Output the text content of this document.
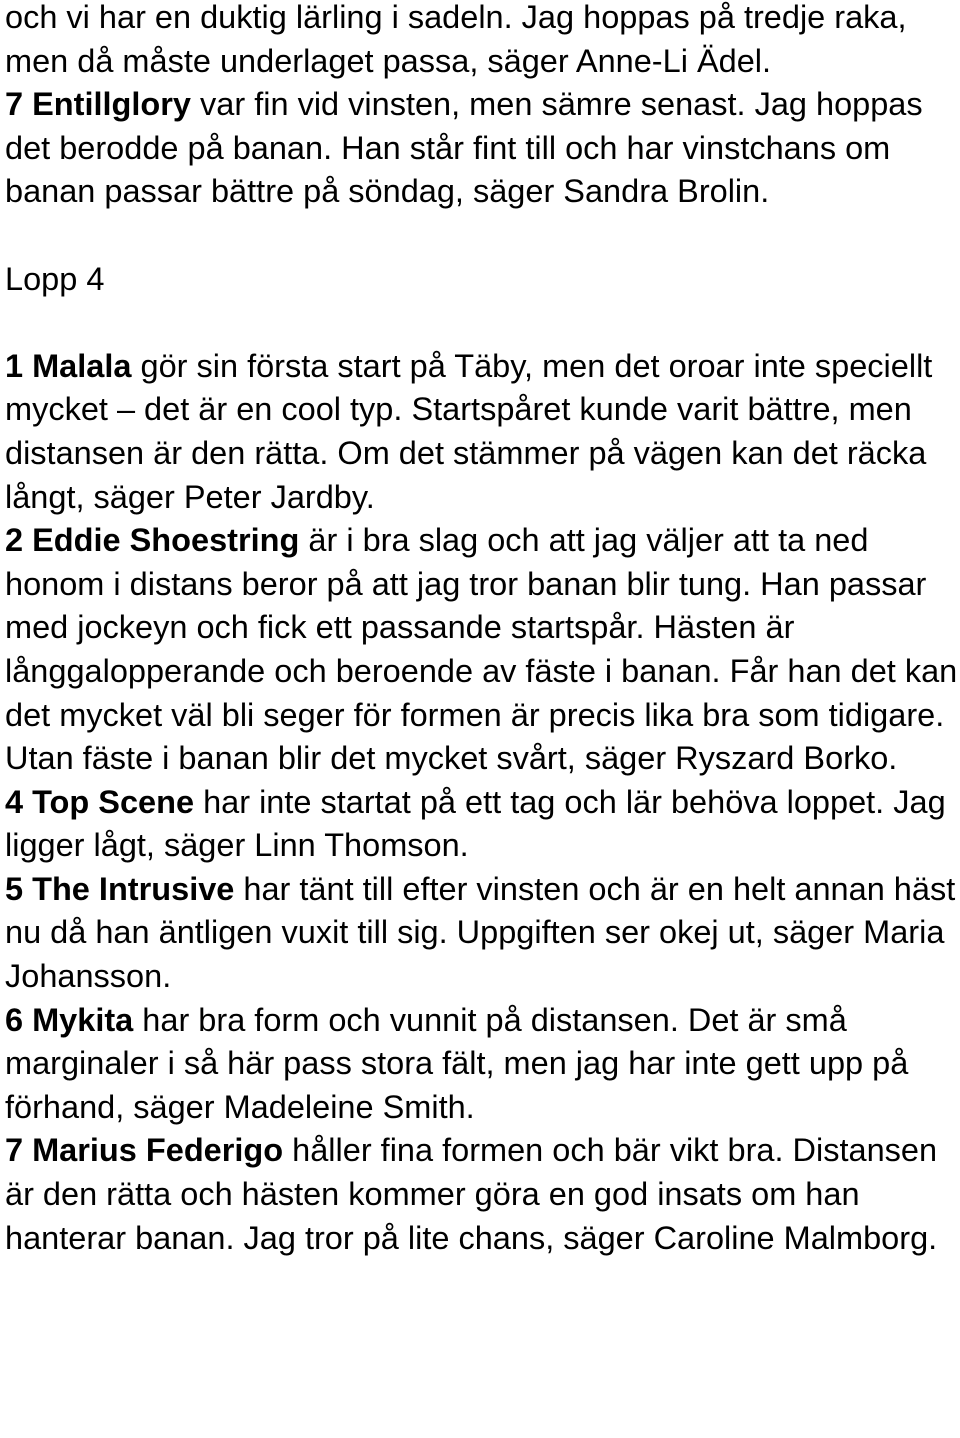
och vi har en duktig lärling i sadeln. Jag hoppas på tredje raka, men då måste underlaget passa, säger Anne-Li Ädel.

7 Entillglory var fin vid vinsten, men sämre senast. Jag hoppas det berodde på banan. Han står fint till och har vinstchans om banan passar bättre på söndag, säger Sandra Brolin.

Lopp 4

1 Malala gör sin första start på Täby, men det oroar inte speciellt mycket – det är en cool typ. Startspåret kunde varit bättre, men distansen är den rätta. Om det stämmer på vägen kan det räcka långt, säger Peter Jardby.

2 Eddie Shoestring är i bra slag och att jag väljer att ta ned honom i distans beror på att jag tror banan blir tung. Han passar med jockeyn och fick ett passande startspår. Hästen är långgalopperande och beroende av fäste i banan. Får han det kan det mycket väl bli seger för formen är precis lika bra som tidigare. Utan fäste i banan blir det mycket svårt, säger Ryszard Borko.

4 Top Scene har inte startat på ett tag och lär behöva loppet. Jag ligger lågt, säger Linn Thomson.

5 The Intrusive har tänt till efter vinsten och är en helt annan häst nu då han äntligen vuxit till sig. Uppgiften ser okej ut, säger Maria Johansson.

6 Mykita har bra form och vunnit på distansen. Det är små marginaler i så här pass stora fält, men jag har inte gett upp på förhand, säger Madeleine Smith.

7 Marius Federigo håller fina formen och bär vikt bra. Distansen är den rätta och hästen kommer göra en god insats om han hanterar banan. Jag tror på lite chans, säger Caroline Malmborg.
